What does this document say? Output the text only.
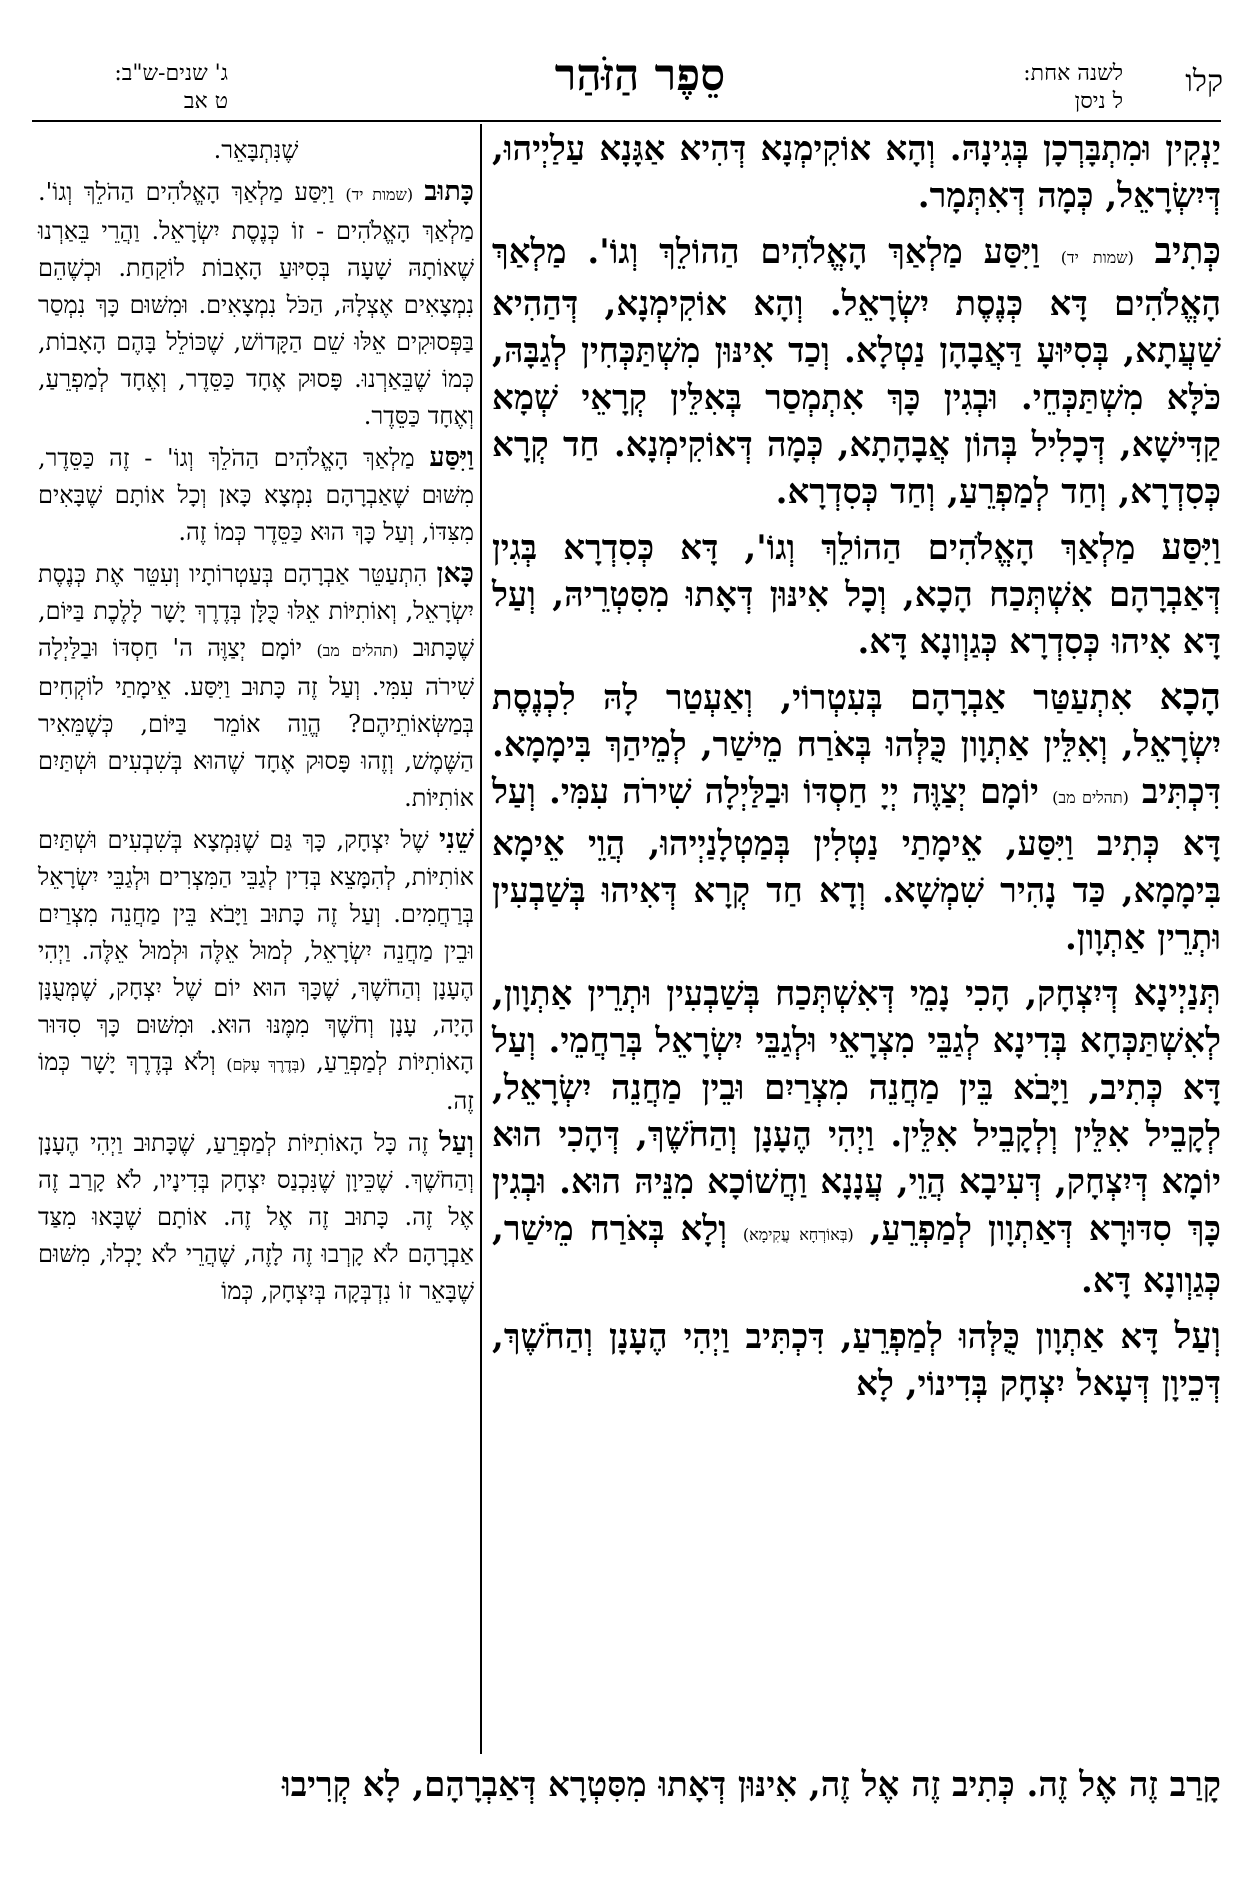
ג' שנים-ש"ב:
ט אב
סֵפֶר הַזֹּהַר	לשנה אחת:
ל ניסן
קלו

יַנְקִין וּמִתְבָּרְכָן בְּגִינָהּ. וְהָא אוֹקִימְנָא דְּהִיא אַגָּנָא עַלַיְיהוּ, דְּיִשְׂרָאֵל, כְּמָה דְּאִתְּמָר.

כְּתִיב (שמות יד) וַיִּסַּע מַלְאַךְ הָאֱלֹהִים הַהוֹלֵךְ וְגוֹ'. מַלְאַךְ הָאֱלֹהִים דָּא כְּנֶסֶת יִשְׂרָאֵל. וְהָא אוֹקִימְנָא, דְּהַהִיא שַׁעֲתָא, בְּסִיּוּעָ דַּאֲבָהָן נַטְלָא. וְכַד אִינּוּן מִשְׁתַּכְּחִין לְגַבָּהּ, כֹּלָּא מִשְׁתַּכְּחֵי. וּבְגִין כָּךְ אִתְמְסַר בְּאִלֵּין קְרָאֵי שְׁמָא קַדִּישָׁא, דְּכָלִיל בְּהוֹן אֲבָהָתָא, כְּמָה דְּאוֹקִימְנָא. חַד קְרָא כְּסִדְרָא, וְחַד לְמַפְרֵעַ, וְחַד כְּסִדְרָא.

וַיִּסַּע מַלְאַךְ הָאֱלֹהִים הַהוֹלֵךְ וְגוֹ', דָּא כְּסִדְרָא בְּגִין דְּאַבְרָהָם אִשְׁתְּכַח הָכָא, וְכָל אִינּוּן דְּאָתוּ מִסִּטְרֵיהּ, וְעַל דָּא אִיהוּ כְּסִדְרָא כְּגַוְונָא דָּא.

הָכָא אִתְעַטַּר אַבְרָהָם בְּעִטְרוֹי, וְאַעְטַר לָהּ לִכְנֶסֶת יִשְׂרָאֵל, וְאִלֵּין אַתְוָון כֻּלְּהוּ בְּאֹרַח מֵישַׁר, לְמֵיהַךְ בִּימָמָא. דִּכְתִּיב (תהלים מב) יוֹמָם יְצַוֶּה יְיָ חַסְדּוֹ וּבַלַּיְלָה שִׁירֹה עִמִּי. וְעַל דָּא כְּתִיב וַיִּסַּע, אֵימָתַי נַטְלִין בְּמַטְלָנַיְיהוּ, הֲוֵי אֵימָא בִּימָמָא, כַּד נָהִיר שִׁמְשָׁא. וְדָא חַד קְרָא דְּאִיהוּ בְּשַׁבְעִין וּתְרֵין אַתְוָון.

תְּנַיְינָא דְּיִצְחָק, הָכִי נָמֵי דְּאִשְׁתְּכַח בְּשַׁבְעִין וּתְרֵין אַתְוָון, לְאִשְׁתַּכְּחָא בְּדִינָא לְגַבֵּי מִצְרָאֵי וּלְגַבֵּי יִשְׂרָאֵל בְּרַחֲמֵי. וְעַל דָּא כְּתִיב, וַיָּבֹא בֵּין מַחֲנֵה מִצְרַיִם וּבֵין מַחֲנֵה יִשְׂרָאֵל, לְקָבֵיל אִלֵּין וְלְקָבֵיל אִלֵּין. וַיְהִי הֶעָנָן וְהַחֹשֶׁךְ, דְּהָכִי הוּא יוֹמָא דְּיִצְחָק, דְּעִיבָא הֲוֵי, עֲנָנָא וַחֲשׁוֹכָא מִנֵּיהּ הוּא. וּבְגִין כָּךְ סִדּוּרָא דְּאַתְוָון לְמַפְרֵעַ, (בְּאוֹרְחָא עֲקִימָא) וְלָא בְּאֹרַח מֵישַׁר, כְּגַוְונָא דָּא.

וְעַל דָּא אַתְוָון כֻּלְּהוּ לְמַפְרֵעַ, דִּכְתִּיב וַיְהִי הֶעָנָן וְהַחֹשֶׁךְ, דְּכֵיוָן דְּעָאל יִצְחָק בְּדִינוֹי, לָא

שֶׁנִּתְבָּאֵר.

כָּתוּב (שמות יד) וַיִּסַּע מַלְאַךְ הָאֱלֹהִים הַהֹלֵךְ וְגוֹ'. מַלְאַךְ הָאֱלֹהִים - זוֹ כְּנֶסֶת יִשְׂרָאֵל. וַהֲרֵי בֵּאַרְנוּ שֶׁאוֹתָהּ שָׁעָה בְּסִיּוּעַ הָאָבוֹת לוֹקַחַת. וּכְשֶׁהֵם נִמְצָאִים אֶצְלָהּ, הַכֹּל נִמְצָאִים. וּמִשּׁוּם כָּךְ נִמְסַר בַּפְּסוּקִים אֵלּוּ שֵׁם הַקָּדוֹשׁ, שֶׁכּוֹלֵל בָּהֶם הָאָבוֹת, כְּמוֹ שֶׁבֵּאַרְנוּ. פָּסוּק אֶחָד כַּסֵּדֶר, וְאֶחָד לְמַפְרֵעַ, וְאֶחָד כַּסֵּדֶר.

וַיִּסַּע מַלְאַךְ הָאֱלֹהִים הַהֹלֵךְ וְגוֹ' - זֶה כַּסֵּדֶר, מִשּׁוּם שֶׁאַבְרָהָם נִמְצָא כָּאן וְכָל אוֹתָם שֶׁבָּאִים מִצִּדּוֹ, וְעַל כָּךְ הוּא כַּסֵּדֶר כְּמוֹ זֶה.

כָּאן הִתְעַטֵּר אַבְרָהָם בְּעַטְרוֹתָיו וְעִטֵּר אֶת כְּנֶסֶת יִשְׂרָאֵל, וְאוֹתִיּוֹת אֵלּוּ כֻּלָּן בְּדֶרֶךְ יָשָׁר לָלֶכֶת בַּיּוֹם, שֶׁכָּתוּב (תהלים מב) יוֹמָם יְצַוֶּה ה' חַסְדּוֹ וּבַלַּיְלָה שִׁירֹה עִמִּי. וְעַל זֶה כָּתוּב וַיִּסַּע. אֵימָתַי לוֹקְחִים בְּמַשְּׂאוֹתֵיהֶם? הֱוֵה אוֹמֵר בַּיּוֹם, כְּשֶׁמֵּאִיר הַשֶּׁמֶשׁ, וְזֶהוּ פָּסוּק אֶחָד שֶׁהוּא בְּשִׁבְעִים וּשְׁתַּיִם אוֹתִיּוֹת.

שֵׁנִי שֶׁל יִצְחָק, כָּךְ גַּם שֶׁנִּמְצָא בְּשִׁבְעִים וּשְׁתַּיִם אוֹתִיּוֹת, לְהִמָּצֵא בְּדִין לְגַבֵּי הַמִּצְרִים וּלְגַבֵּי יִשְׂרָאֵל בְּרַחֲמִים. וְעַל זֶה כָּתוּב וַיָּבֹא בֵּין מַחֲנֵה מִצְרַיִם וּבֵין מַחֲנֵה יִשְׂרָאֵל, לְמוּל אֵלֶּה וּלְמוּל אֵלֶּה. וַיְהִי הֶעָנָן וְהַחֹשֶׁךְ, שֶׁכָּךְ הוּא יוֹם שֶׁל יִצְחָק, שֶׁמְּעֻנָּן הָיָה, עָנָן וְחֹשֶׁךְ מִמֶּנּוּ הוּא. וּמִשּׁוּם כָּךְ סִדּוּר הָאוֹתִיּוֹת לְמַפְרֵעַ, (בְּדֶרֶךְ עָקֹם) וְלֹא בְּדֶרֶךְ יָשָׁר כְּמוֹ זֶה.

וְעַל זֶה כָּל הָאוֹתִיּוֹת לְמַפְרֵעַ, שֶׁכָּתוּב וַיְהִי הֶעָנָן וְהַחֹשֶׁךְ. שֶׁכֵּיוָן שֶׁנִּכְנַס יִצְחָק בְּדִינָיו, לֹא קָרַב זֶה אֶל זֶה. כָּתוּב זֶה אֶל זֶה. אוֹתָם שֶׁבָּאוּ מִצַּד אַבְרָהָם לֹא קָרְבוּ זֶה לָזֶה, שֶׁהֲרֵי לֹא יָכְלוּ, מִשּׁוּם שֶׁבָּאֵר זוֹ נִדְבְּקָה בְּיִצְחָק, כְּמוֹ

קָרַב זֶה אֶל זֶה. כְּתִיב זֶה אֶל זֶה, אִינּוּן דְּאָתוּ מִסִּטְרָא דְּאַבְרָהָם, לָא קְרִיבוּ
